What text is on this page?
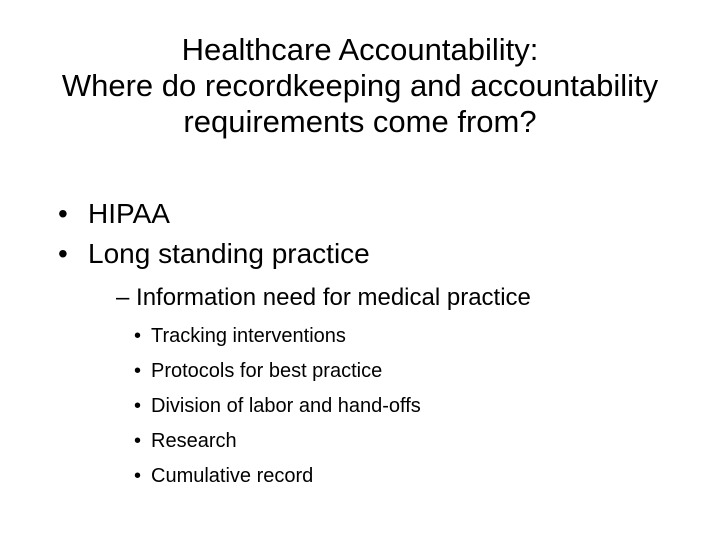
Healthcare Accountability:
Where do recordkeeping and accountability
requirements come from?
• HIPAA
• Long standing practice
– Information need for medical practice
• Tracking interventions
• Protocols for best practice
• Division of labor and hand-offs
• Research
• Cumulative record
